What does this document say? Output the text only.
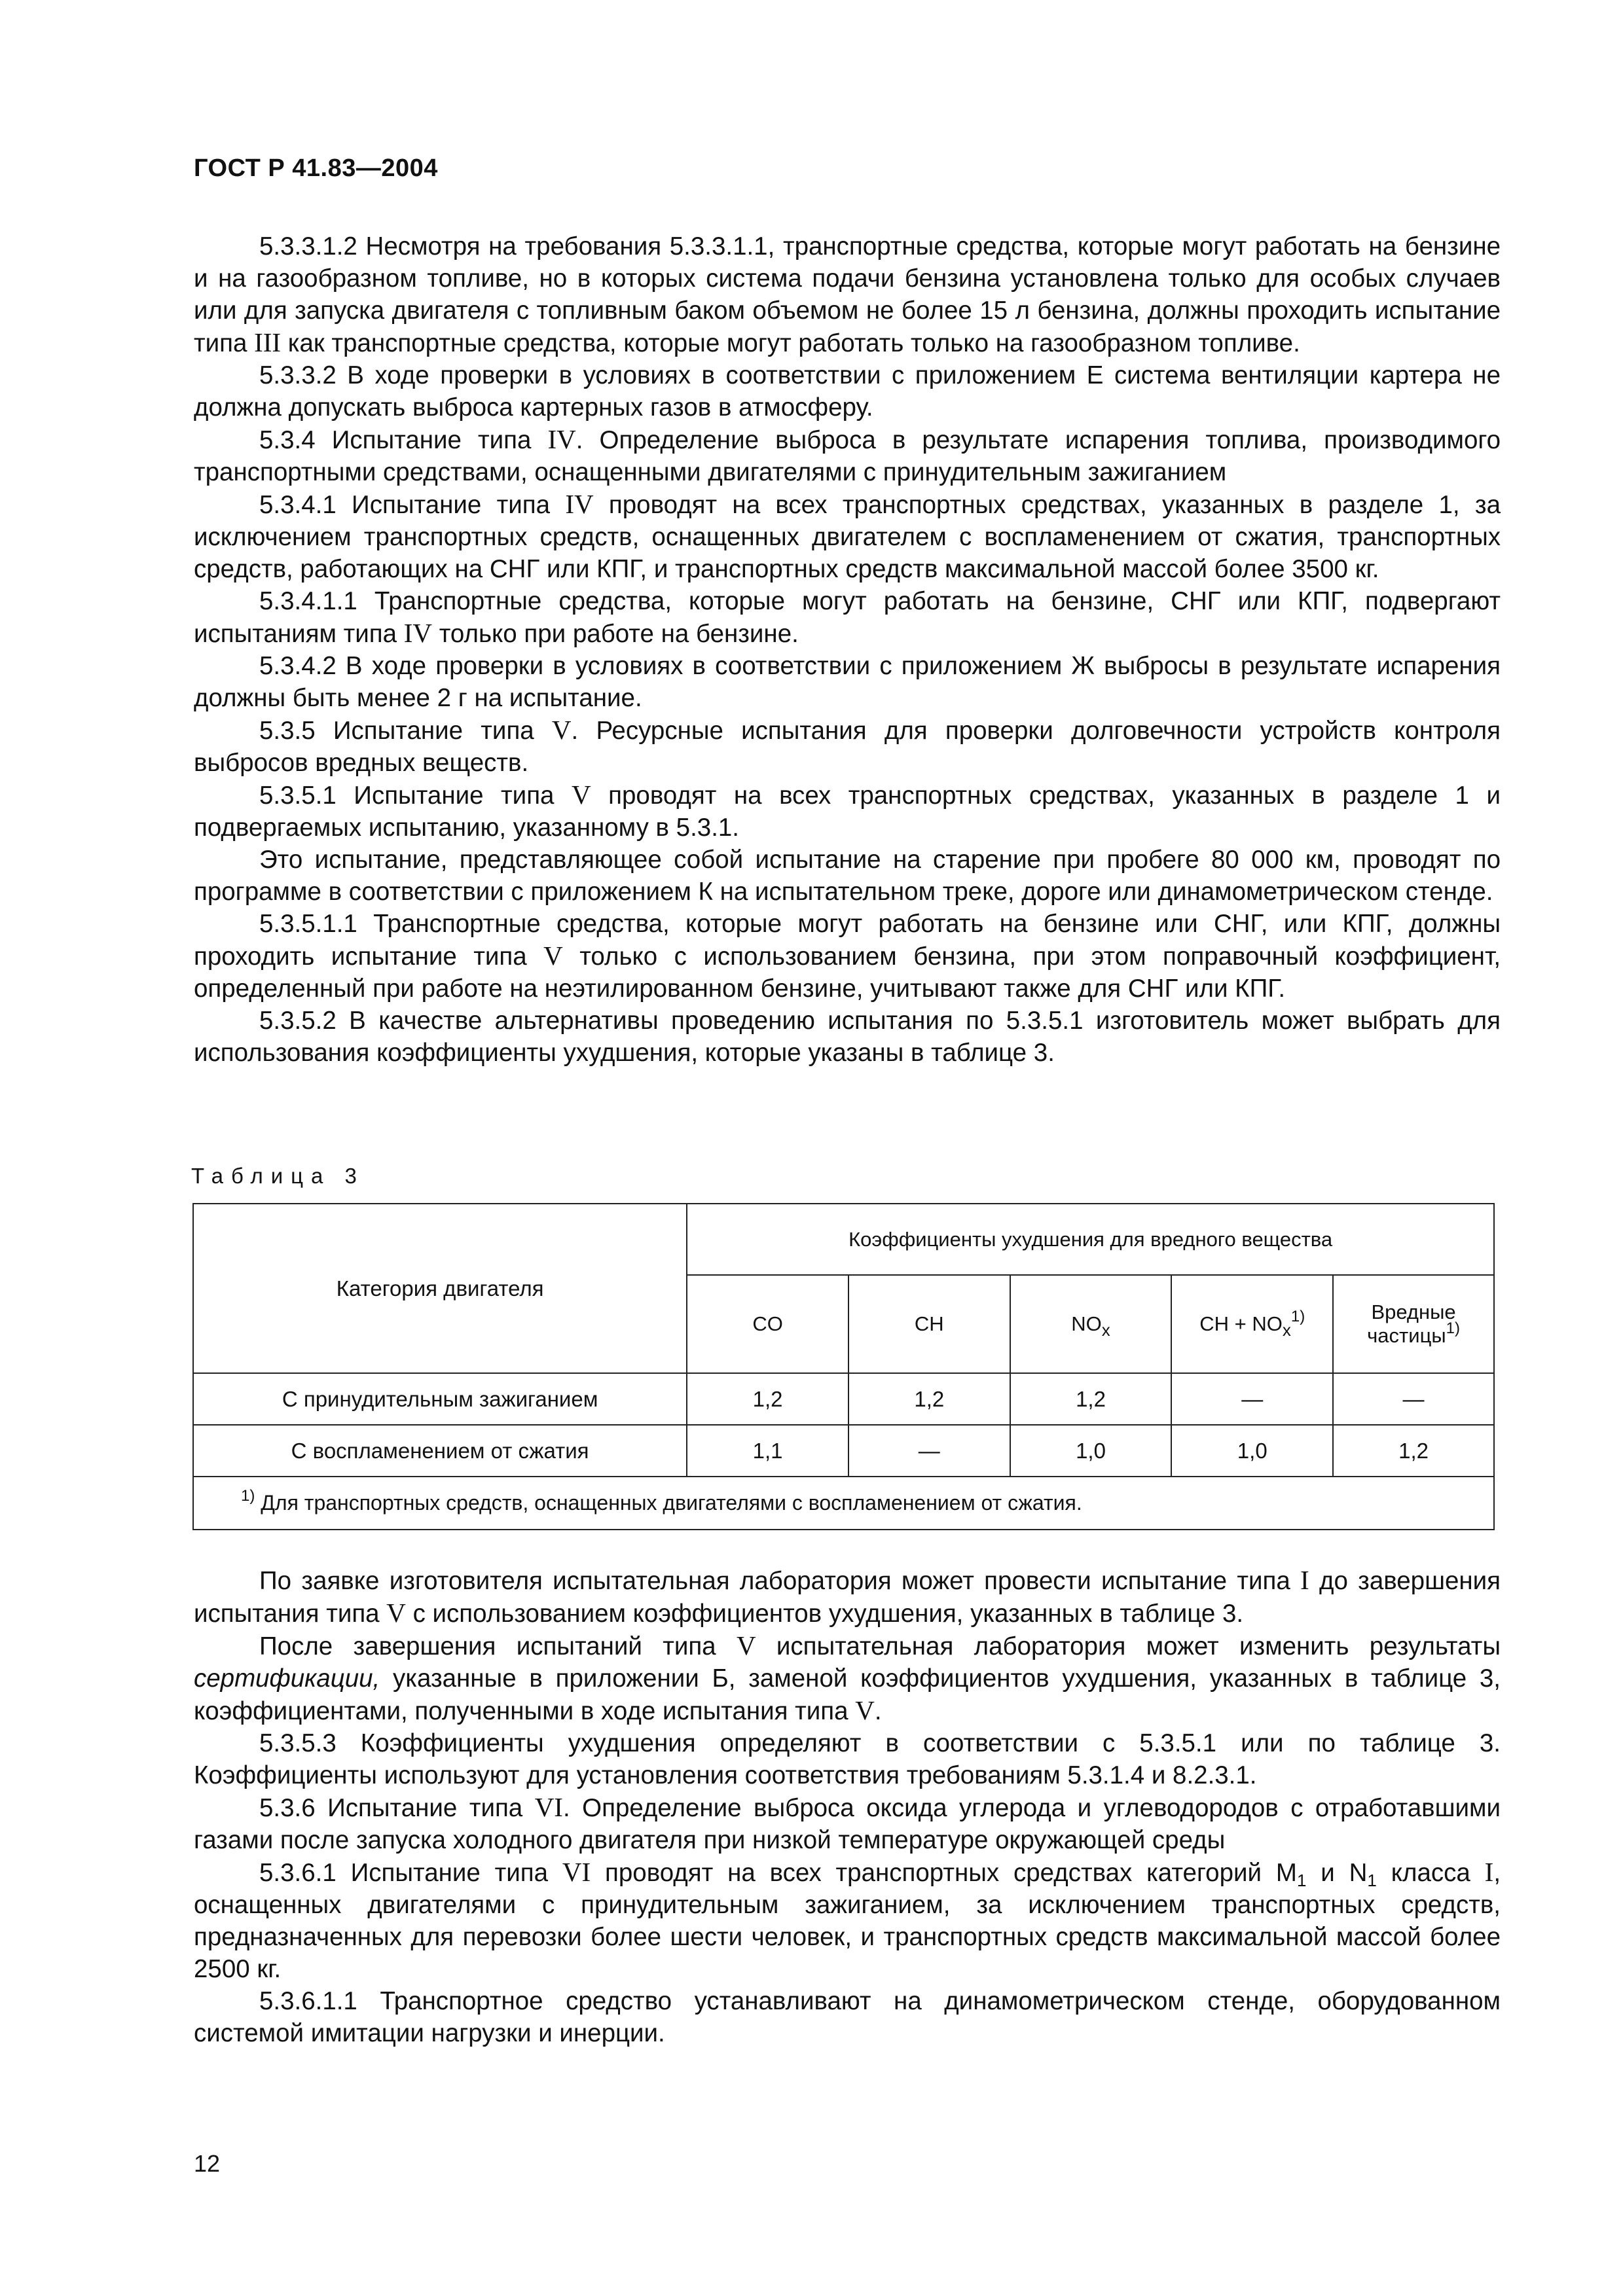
ГОСТ Р 41.83—2004

5.3.3.1.2 Несмотря на требования 5.3.3.1.1, транспортные средства, которые могут работать на бензине и на газообразном топливе, но в которых система подачи бензина установлена только для особых случаев или для запуска двигателя с топливным баком объемом не более 15 л бензина, должны проходить испытание типа III как транспортные средства, которые могут работать только на газообразном топливе.

5.3.3.2 В ходе проверки в условиях в соответствии с приложением Е система вентиляции картера не должна допускать выброса картерных газов в атмосферу.

5.3.4 Испытание типа IV. Определение выброса в результате испарения топлива, производимого транспортными средствами, оснащенными двигателями с принудительным зажиганием

5.3.4.1 Испытание типа IV проводят на всех транспортных средствах, указанных в разделе 1, за исключением транспортных средств, оснащенных двигателем с воспламенением от сжатия, транспортных средств, работающих на СНГ или КПГ, и транспортных средств максимальной массой более 3500 кг.

5.3.4.1.1 Транспортные средства, которые могут работать на бензине, СНГ или КПГ, подвергают испытаниям типа IV только при работе на бензине.

5.3.4.2 В ходе проверки в условиях в соответствии с приложением Ж выбросы в результате испарения должны быть менее 2 г на испытание.

5.3.5 Испытание типа V. Ресурсные испытания для проверки долговечности устройств контроля выбросов вредных веществ.

5.3.5.1 Испытание типа V проводят на всех транспортных средствах, указанных в разделе 1 и подвергаемых испытанию, указанному в 5.3.1.

Это испытание, представляющее собой испытание на старение при пробеге 80 000 км, проводят по программе в соответствии с приложением К на испытательном треке, дороге или динамометрическом стенде.

5.3.5.1.1 Транспортные средства, которые могут работать на бензине или СНГ, или КПГ, должны проходить испытание типа V только с использованием бензина, при этом поправочный коэффициент, определенный при работе на неэтилированном бензине, учитывают также для СНГ или КПГ.

5.3.5.2 В качестве альтернативы проведению испытания по 5.3.5.1 изготовитель может выбрать для использования коэффициенты ухудшения, которые указаны в таблице 3.

Таблица 3
Категория двигателя	Коэффициенты ухудшения для вредного вещества				
	CO	CH	$NO_x$	CH + $NO_x^{1)}$	Вредные
частицы$^{1)}$
С принудительным зажиганием	1,2	1,2	1,2	—	—
С воспламенением от сжатия	1,1	—	1,0	1,0	1,2
$^{1)}$ Для транспортных средств, оснащенных двигателями с воспламенением от сжатия.					

По заявке изготовителя испытательная лаборатория может провести испытание типа I до завершения испытания типа V с использованием коэффициентов ухудшения, указанных в таблице 3.

После завершения испытаний типа V испытательная лаборатория может изменить результаты сертификации, указанные в приложении Б, заменой коэффициентов ухудшения, указанных в таблице 3, коэффициентами, полученными в ходе испытания типа V.

5.3.5.3 Коэффициенты ухудшения определяют в соответствии с 5.3.5.1 или по таблице 3. Коэффициенты используют для установления соответствия требованиям 5.3.1.4 и 8.2.3.1.

5.3.6 Испытание типа VI. Определение выброса оксида углерода и углеводородов с отработавшими газами после запуска холодного двигателя при низкой температуре окружающей среды

5.3.6.1 Испытание типа VI проводят на всех транспортных средствах категорий $M_1$ и $N_1$ класса I, оснащенных двигателями с принудительным зажиганием, за исключением транспортных средств, предназначенных для перевозки более шести человек, и транспортных средств максимальной массой более 2500 кг.

5.3.6.1.1 Транспортное средство устанавливают на динамометрическом стенде, оборудованном системой имитации нагрузки и инерции.

12
